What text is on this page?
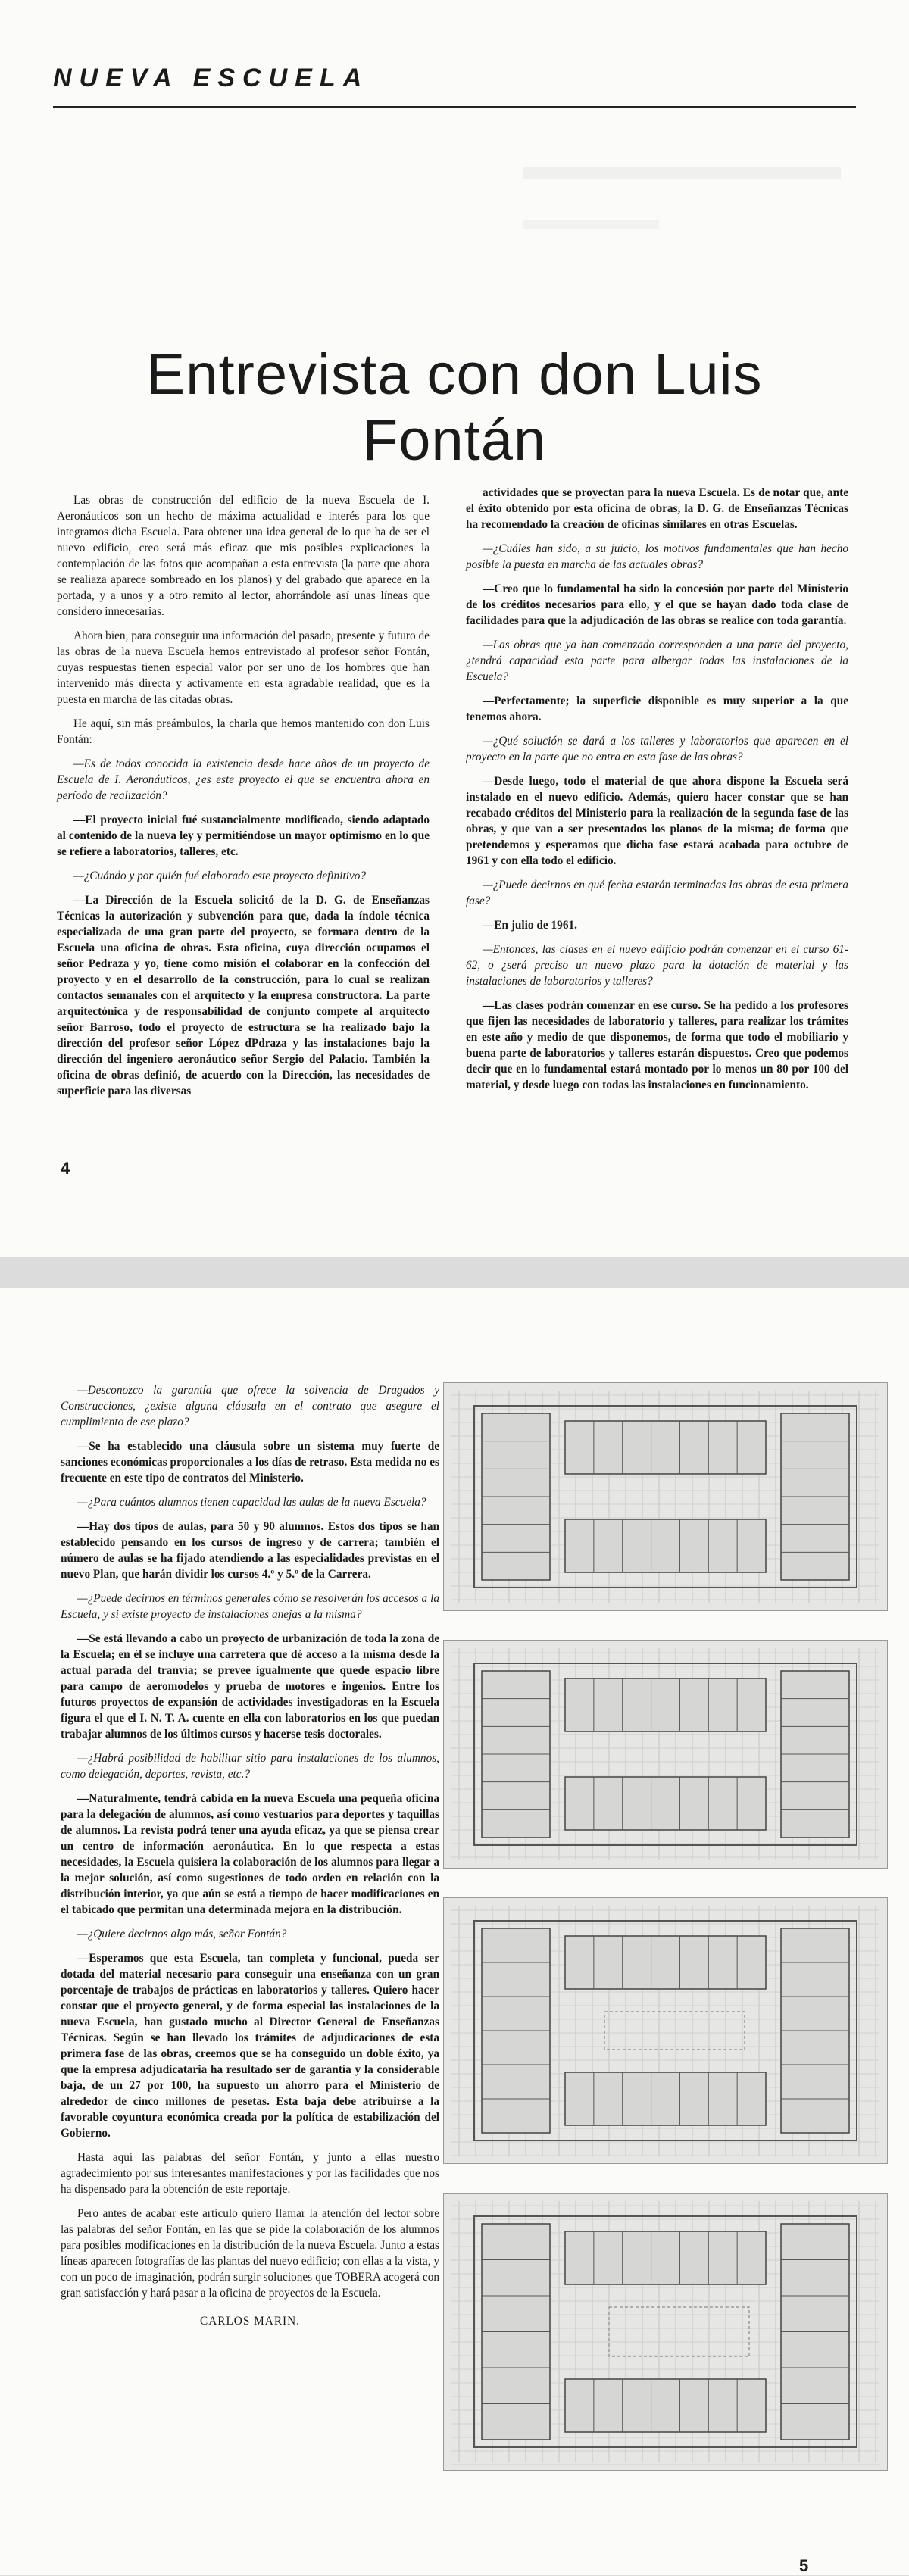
NUEVA ESCUELA
Entrevista con don Luis Fontán

Las obras de construcción del edificio de la nueva Escuela de I. Aeronáuticos son un hecho de máxima actualidad e interés para los que integramos dicha Escuela. Para obtener una idea general de lo que ha de ser el nuevo edificio, creo será más eficaz que mis posibles explicaciones la contemplación de las fotos que acompañan a esta entrevista (la parte que ahora se realiaza aparece sombreado en los planos) y del grabado que aparece en la portada, y a unos y a otro remito al lector, ahorrándole así unas líneas que considero innecesarias.

Ahora bien, para conseguir una información del pasado, presente y futuro de las obras de la nueva Escuela hemos entrevistado al profesor señor Fontán, cuyas respuestas tienen especial valor por ser uno de los hombres que han intervenido más directa y activamente en esta agradable realidad, que es la puesta en marcha de las citadas obras.

He aquí, sin más preámbulos, la charla que hemos mantenido con don Luis Fontán:

—Es de todos conocida la existencia desde hace años de un proyecto de Escuela de I. Aeronáuticos, ¿es este proyecto el que se encuentra ahora en período de realización?

—El proyecto inicial fué sustancialmente modificado, siendo adaptado al contenido de la nueva ley y permitiéndose un mayor optimismo en lo que se refiere a laboratorios, talleres, etc.

—¿Cuándo y por quién fué elaborado este proyecto definitivo?

—La Dirección de la Escuela solicitó de la D. G. de Enseñanzas Técnicas la autorización y subvención para que, dada la índole técnica especializada de una gran parte del proyecto, se formara dentro de la Escuela una oficina de obras. Esta oficina, cuya dirección ocupamos el señor Pedraza y yo, tiene como misión el colaborar en la confección del proyecto y en el desarrollo de la construcción, para lo cual se realizan contactos semanales con el arquitecto y la empresa constructora. La parte arquitectónica y de responsabilidad de conjunto compete al arquitecto señor Barroso, todo el proyecto de estructura se ha realizado bajo la dirección del profesor señor López dPdraza y las instalaciones bajo la dirección del ingeniero aeronáutico señor Sergio del Palacio. También la oficina de obras definió, de acuerdo con la Dirección, las necesidades de superficie para las diversas

actividades que se proyectan para la nueva Escuela. Es de notar que, ante el éxito obtenido por esta oficina de obras, la D. G. de Enseñanzas Técnicas ha recomendado la creación de oficinas similares en otras Escuelas.

—¿Cuáles han sido, a su juicio, los motivos fundamentales que han hecho posible la puesta en marcha de las actuales obras?

—Creo que lo fundamental ha sido la concesión por parte del Ministerio de los créditos necesarios para ello, y el que se hayan dado toda clase de facilidades para que la adjudicación de las obras se realice con toda garantía.

—Las obras que ya han comenzado corresponden a una parte del proyecto, ¿tendrá capacidad esta parte para albergar todas las instalaciones de la Escuela?

—Perfectamente; la superficie disponible es muy superior a la que tenemos ahora.

—¿Qué solución se dará a los talleres y laboratorios que aparecen en el proyecto en la parte que no entra en esta fase de las obras?

—Desde luego, todo el material de que ahora dispone la Escuela será instalado en el nuevo edificio. Además, quiero hacer constar que se han recabado créditos del Ministerio para la realización de la segunda fase de las obras, y que van a ser presentados los planos de la misma; de forma que pretendemos y esperamos que dicha fase estará acabada para octubre de 1961 y con ella todo el edificio.

—¿Puede decirnos en qué fecha estarán terminadas las obras de esta primera fase?

—En julio de 1961.

—Entonces, las clases en el nuevo edificio podrán comenzar en el curso 61-62, o ¿será preciso un nuevo plazo para la dotación de material y las instalaciones de laboratorios y talleres?

—Las clases podrán comenzar en ese curso. Se ha pedido a los profesores que fijen las necesidades de laboratorio y talleres, para realizar los trámites en este año y medio de que disponemos, de forma que todo el mobiliario y buena parte de laboratorios y talleres estarán dispuestos. Creo que podemos decir que en lo fundamental estará montado por lo menos un 80 por 100 del material, y desde luego con todas las instalaciones en funcionamiento.

4

—Desconozco la garantía que ofrece la solvencia de Dragados y Construcciones, ¿existe alguna cláusula en el contrato que asegure el cumplimiento de ese plazo?

—Se ha establecido una cláusula sobre un sistema muy fuerte de sanciones económicas proporcionales a los días de retraso. Esta medida no es frecuente en este tipo de contratos del Ministerio.

—¿Para cuántos alumnos tienen capacidad las aulas de la nueva Escuela?

—Hay dos tipos de aulas, para 50 y 90 alumnos. Estos dos tipos se han establecido pensando en los cursos de ingreso y de carrera; también el número de aulas se ha fijado atendiendo a las especialidades previstas en el nuevo Plan, que harán dividir los cursos 4.º y 5.º de la Carrera.

—¿Puede decirnos en términos generales cómo se resolverán los accesos a la Escuela, y si existe proyecto de instalaciones anejas a la misma?

—Se está llevando a cabo un proyecto de urbanización de toda la zona de la Escuela; en él se incluye una carretera que dé acceso a la misma desde la actual parada del tranvía; se prevee igualmente que quede espacio libre para campo de aeromodelos y prueba de motores e ingenios. Entre los futuros proyectos de expansión de actividades investigadoras en la Escuela figura el que el I. N. T. A. cuente en ella con laboratorios en los que puedan trabajar alumnos de los últimos cursos y hacerse tesis doctorales.

—¿Habrá posibilidad de habilitar sitio para instalaciones de los alumnos, como delegación, deportes, revista, etc.?

—Naturalmente, tendrá cabida en la nueva Escuela una pequeña oficina para la delegación de alumnos, así como vestuarios para deportes y taquillas de alumnos. La revista podrá tener una ayuda eficaz, ya que se piensa crear un centro de información aeronáutica. En lo que respecta a estas necesidades, la Escuela quisiera la colaboración de los alumnos para llegar a la mejor solución, así como sugestiones de todo orden en relación con la distribución interior, ya que aún se está a tiempo de hacer modificaciones en el tabicado que permitan una determinada mejora en la distribución.

—¿Quiere decirnos algo más, señor Fontán?

—Esperamos que esta Escuela, tan completa y funcional, pueda ser dotada del material necesario para conseguir una enseñanza con un gran porcentaje de trabajos de prácticas en laboratorios y talleres. Quiero hacer constar que el proyecto general, y de forma especial las instalaciones de la nueva Escuela, han gustado mucho al Director General de Enseñanzas Técnicas. Según se han llevado los trámites de adjudicaciones de esta primera fase de las obras, creemos que se ha conseguido un doble éxito, ya que la empresa adjudicataria ha resultado ser de garantía y la considerable baja, de un 27 por 100, ha supuesto un ahorro para el Ministerio de alrededor de cinco millones de pesetas. Esta baja debe atribuirse a la favorable coyuntura económica creada por la política de estabilización del Gobierno.

Hasta aquí las palabras del señor Fontán, y junto a ellas nuestro agradecimiento por sus interesantes manifestaciones y por las facilidades que nos ha dispensado para la obtención de este reportaje.

Pero antes de acabar este artículo quiero llamar la atención del lector sobre las palabras del señor Fontán, en las que se pide la colaboración de los alumnos para posibles modificaciones en la distribución de la nueva Escuela. Junto a estas líneas aparecen fotografías de las plantas del nuevo edificio; con ellas a la vista, y con un poco de imaginación, podrán surgir soluciones que TOBERA acogerá con gran satisfacción y hará pasar a la oficina de proyectos de la Escuela.

CARLOS MARIN.

5
